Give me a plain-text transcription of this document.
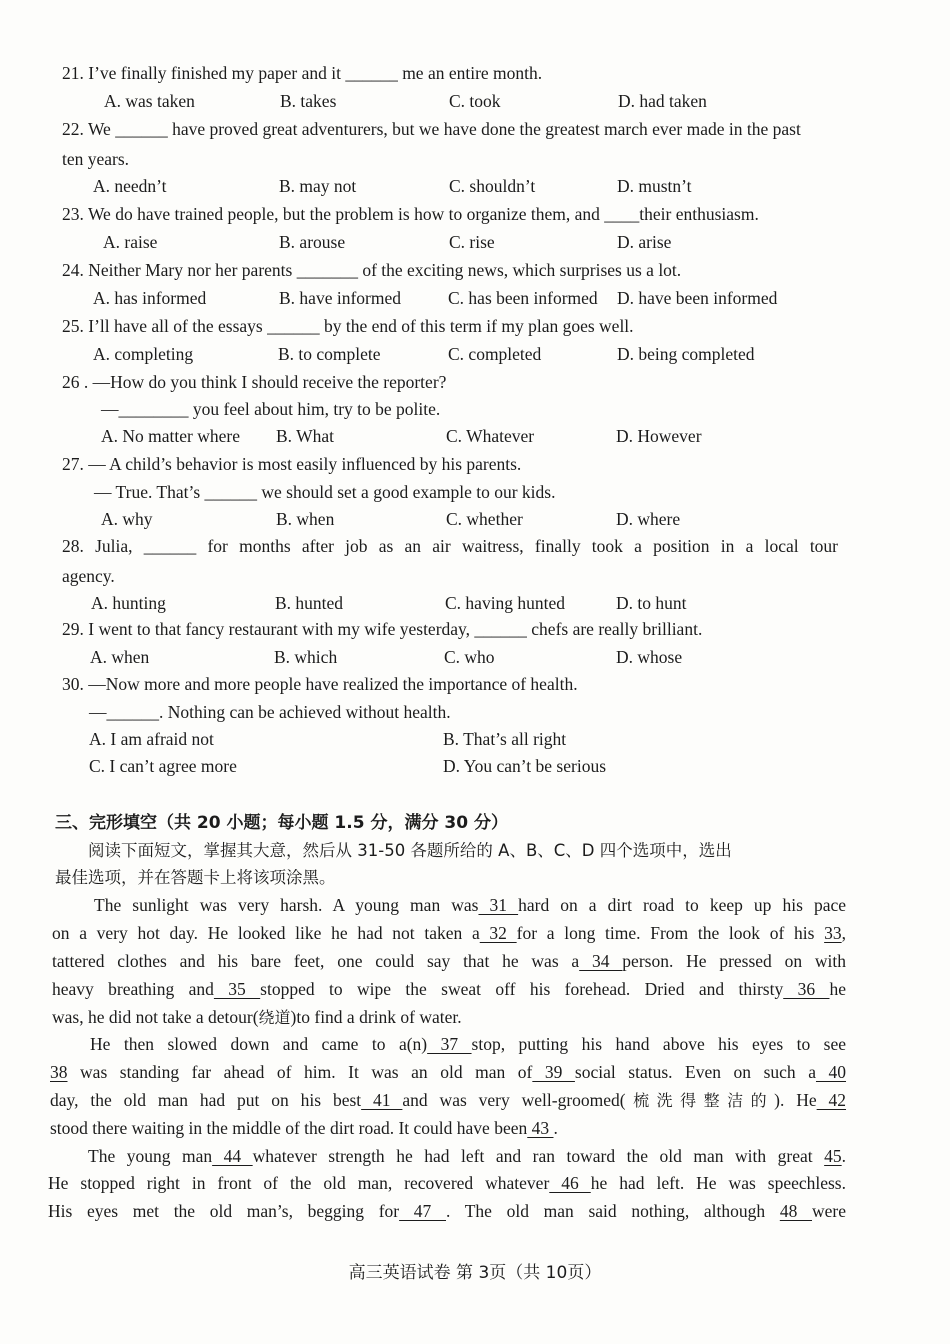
21. I’ve finally finished my paper and it ______ me an entire month.
A. was taken	B. takes	C. took	D. had taken
22. We ______ have proved great adventurers, but we have done the greatest march ever made in the past
ten years.
A. needn’t	B. may not	C. shouldn’t	D. mustn’t
23. We do have trained people, but the problem is how to organize them, and ____their enthusiasm.
A. raise	B. arouse	C. rise	D. arise
24. Neither Mary nor her parents _______ of the exciting news, which surprises us a lot.
A. has informed	B. have informed	C. has been informed D. have been informed
25. I’ll have all of the essays ______ by the end of this term if my plan goes well.
A. completing	B. to complete	C. completed	D. being completed
26 . —How do you think I should receive the reporter?
—________ you feel about him, try to be polite.
A. No matter where B. What	C. Whatever	D. However
27. — A child’s behavior is most easily influenced by his parents.
— True. That’s ______ we should set a good example to our kids.
A. why	B. when	C. whether	D. where
28. Julia, ______ for months after job as an air waitress, finally took a position in a local tour
agency.
A. hunting	B. hunted	C. having hunted	D. to hunt
29. I went to that fancy restaurant with my wife yesterday, ______ chefs are really brilliant.
A. when	B. which	C. who	D. whose
30. —Now more and more people have realized the importance of health.
—______. Nothing can be achieved without health.
A. I am afraid not	B. That’s all right
C. I can’t agree more	D. You can’t be serious
三、完形填空（共 20 小题；每小题 1.5 分，满分 30 分）
阅读下面短文，掌握其大意，然后从 31-50 各题所给的 A、B、C、D 四个选项中，选出
最佳选项，并在答题卡上将该项涂黑。
The sunlight was very harsh. A young man was 31 hard on a dirt road to keep up his pace
on a very hot day. He looked like he had not taken a 32 for a long time. From the look of his 33,
tattered clothes and his bare feet, one could say that he was a 34 person. He pressed on with
heavy breathing and 35 stopped to wipe the sweat off his forehead. Dried and thirsty 36 he
was, he did not take a detour(绕道)to find a drink of water.
He then slowed down and came to a(n) 37 stop, putting his hand above his eyes to see
38 was standing far ahead of him. It was an old man of 39 social status. Even on such a 40
day, the old man had put on his best 41 and was very well-groomed(梳洗得整洁的). He 42
stood there waiting in the middle of the dirt road. It could have been 43 .
The young man 44 whatever strength he had left and ran toward the old man with great 45.
He stopped right in front of the old man, recovered whatever 46 he had left. He was speechless.
His eyes met the old man’s, begging for 47 . The old man said nothing, although 48 were
高三英语试卷 第 3页（共 10页）
